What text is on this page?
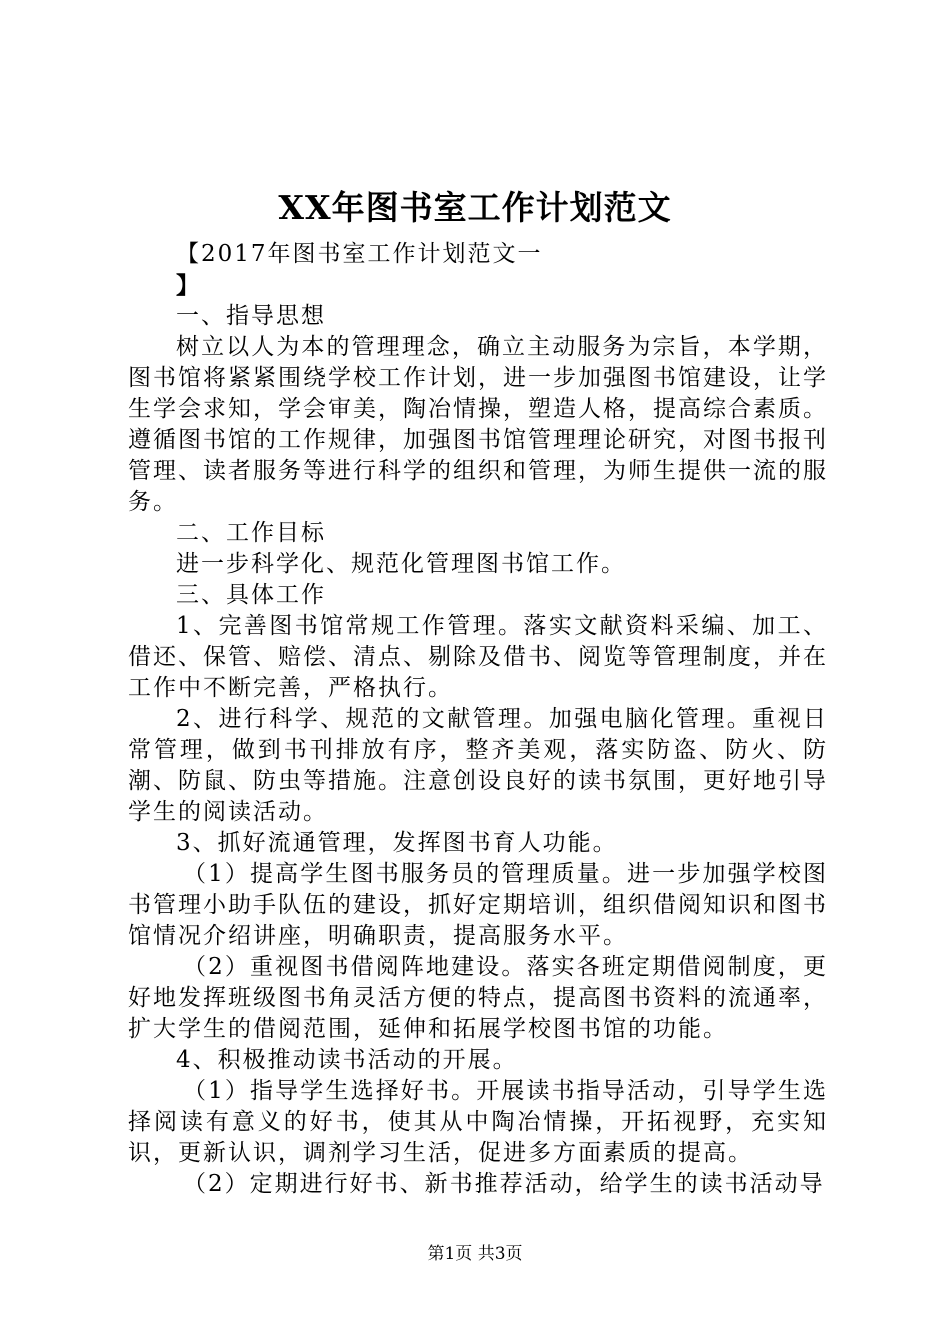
XX年图书室工作计划范文

【2017年图书室工作计划范文一

】

一、指导思想

树立以人为本的管理理念，确立主动服务为宗旨，本学期，图书馆将紧紧围绕学校工作计划，进一步加强图书馆建设，让学生学会求知，学会审美，陶冶情操，塑造人格，提高综合素质。遵循图书馆的工作规律，加强图书馆管理理论研究，对图书报刊管理、读者服务等进行科学的组织和管理，为师生提供一流的服务。

二、工作目标

进一步科学化、规范化管理图书馆工作。

三、具体工作

1、完善图书馆常规工作管理。落实文献资料采编、加工、借还、保管、赔偿、清点、剔除及借书、阅览等管理制度，并在工作中不断完善，严格执行。

2、进行科学、规范的文献管理。加强电脑化管理。重视日常管理，做到书刊排放有序，整齐美观，落实防盗、防火、防潮、防鼠、防虫等措施。注意创设良好的读书氛围，更好地引导学生的阅读活动。

3、抓好流通管理，发挥图书育人功能。

（1）提高学生图书服务员的管理质量。进一步加强学校图书管理小助手队伍的建设，抓好定期培训，组织借阅知识和图书馆情况介绍讲座，明确职责，提高服务水平。

（2）重视图书借阅阵地建设。落实各班定期借阅制度，更好地发挥班级图书角灵活方便的特点，提高图书资料的流通率，扩大学生的借阅范围，延伸和拓展学校图书馆的功能。

4、积极推动读书活动的开展。

（1）指导学生选择好书。开展读书指导活动，引导学生选择阅读有意义的好书，使其从中陶冶情操，开拓视野，充实知识，更新认识，调剂学习生活，促进多方面素质的提高。

（2）定期进行好书、新书推荐活动，给学生的读书活动导

第1页 共3页
